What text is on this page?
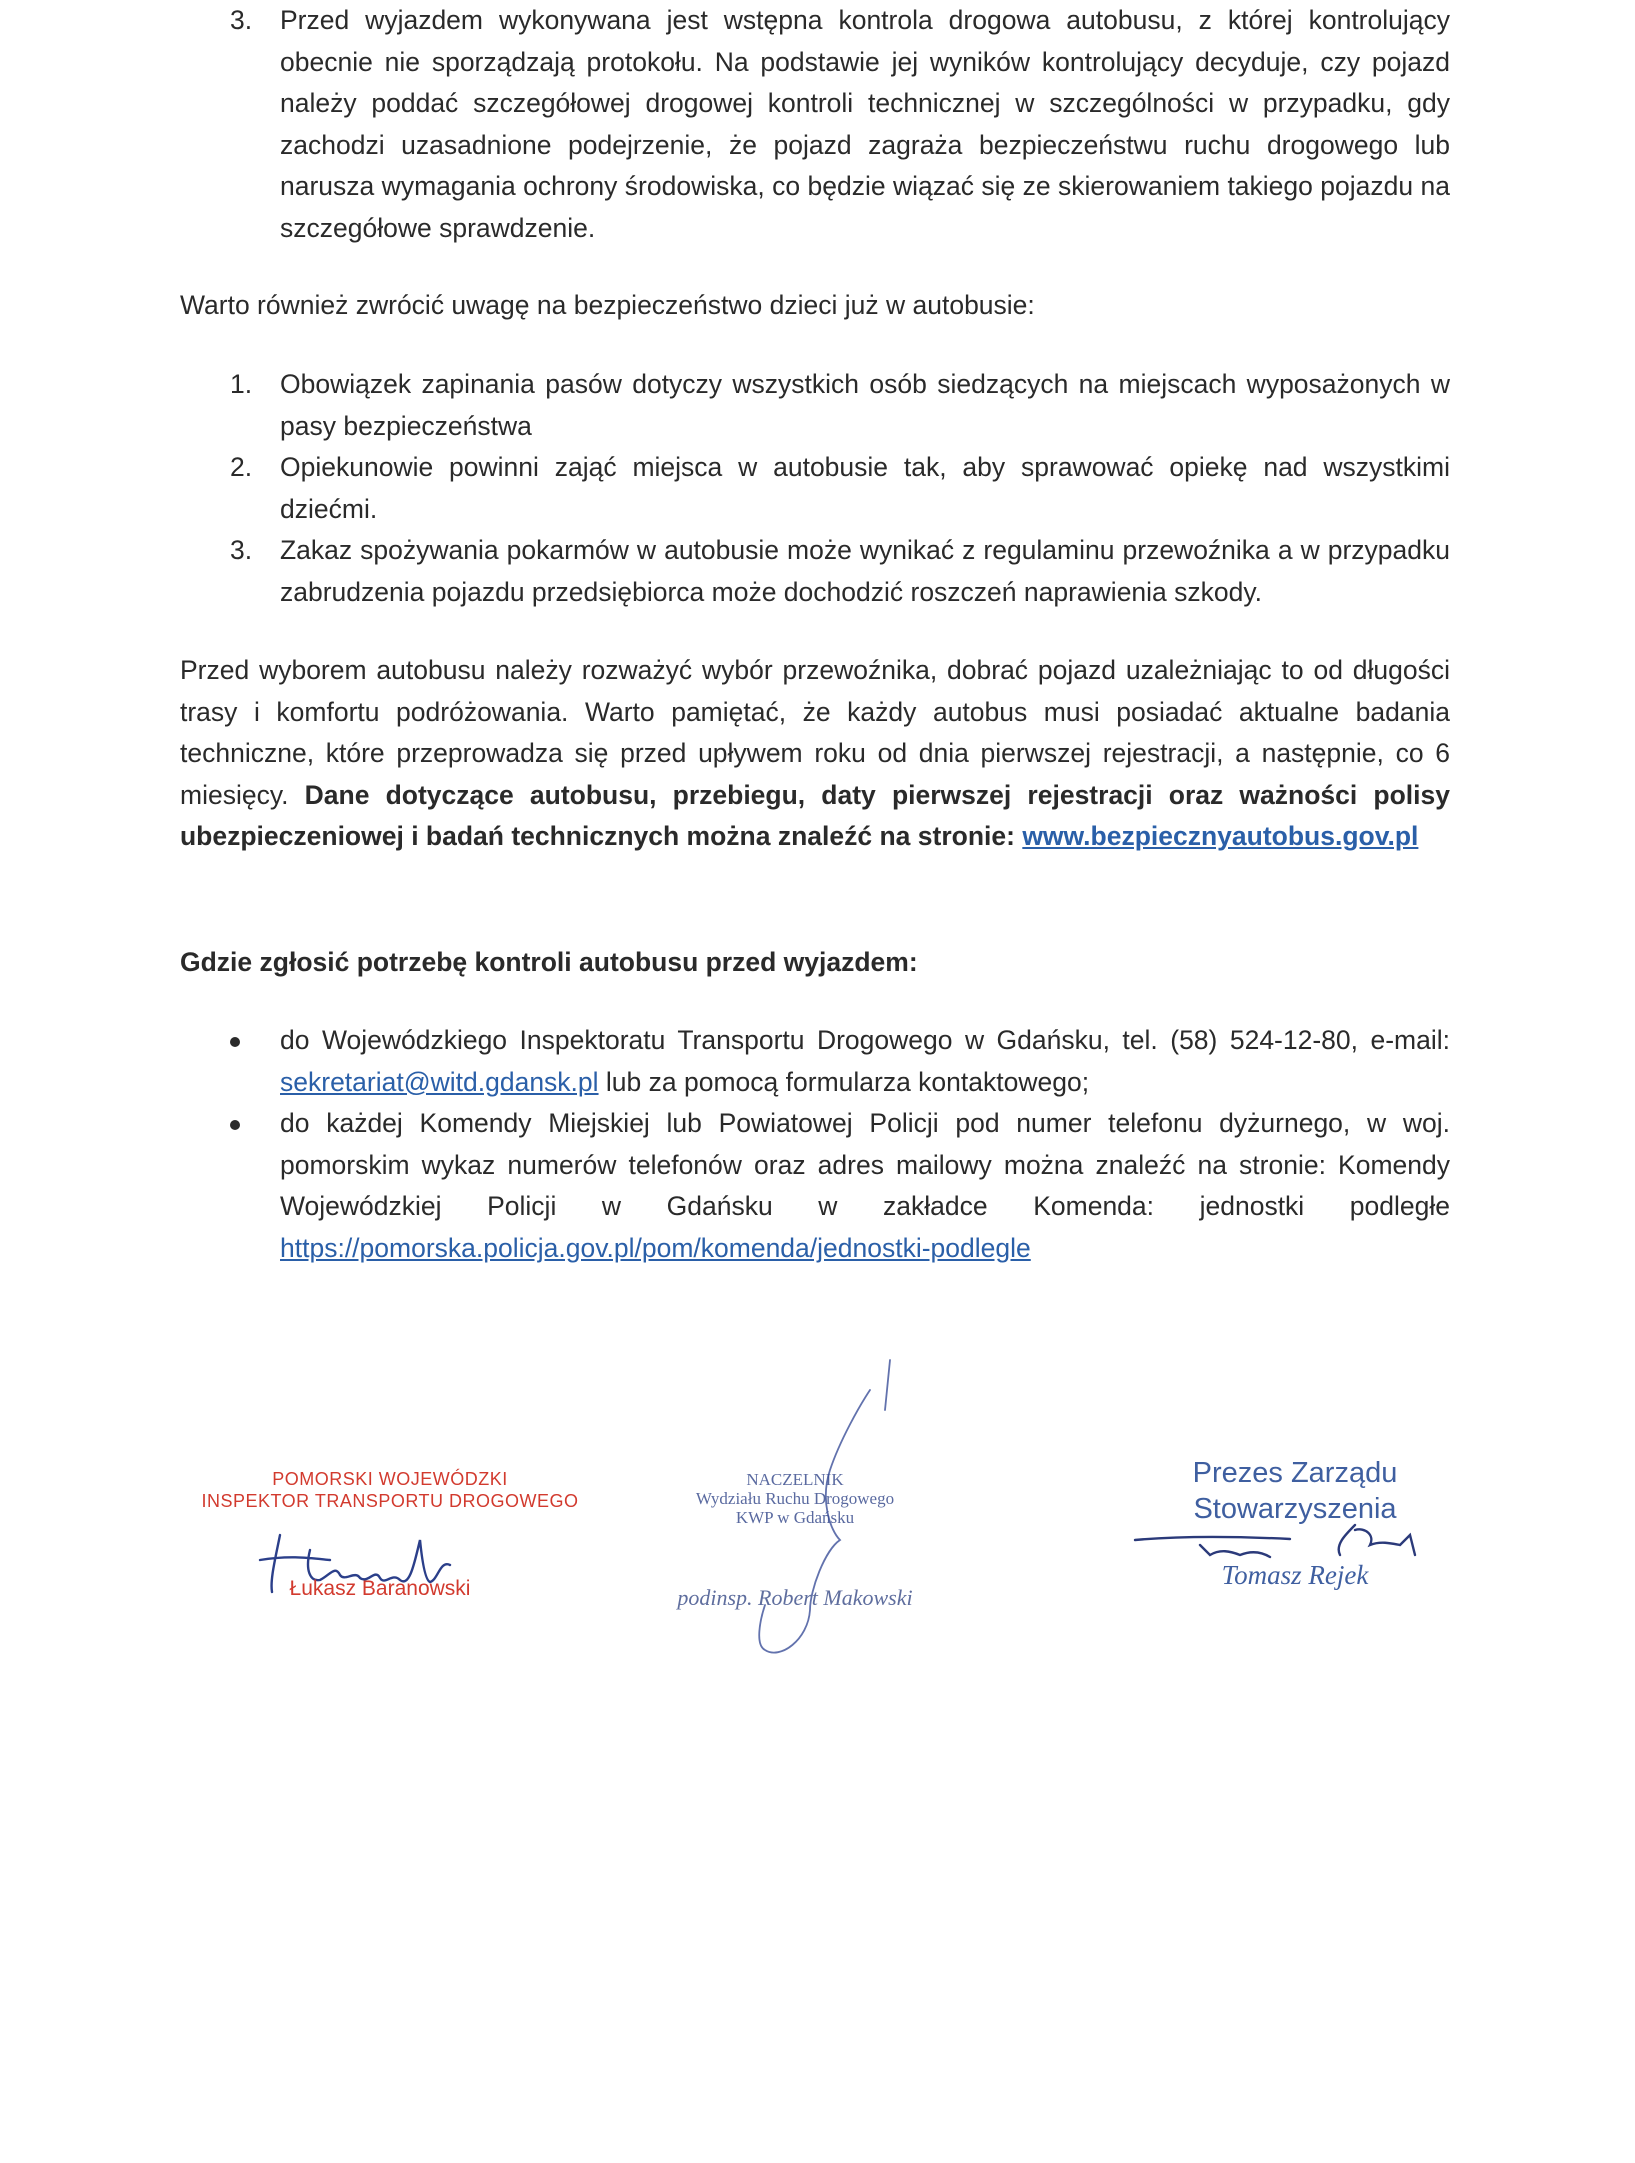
3.	Przed wyjazdem wykonywana jest wstępna kontrola drogowa autobusu, z której kontrolujący obecnie nie sporządzają protokołu. Na podstawie jej wyników kontrolujący decyduje, czy pojazd należy poddać szczegółowej drogowej kontroli technicznej w szczególności w przypadku, gdy zachodzi uzasadnione podejrzenie, że pojazd zagraża bezpieczeństwu ruchu drogowego lub narusza wymagania ochrony środowiska, co będzie wiązać się ze skierowaniem takiego pojazdu na szczegółowe sprawdzenie.
Warto również zwrócić uwagę na bezpieczeństwo dzieci już w autobusie:
1.	Obowiązek zapinania pasów dotyczy wszystkich osób siedzących na miejscach wyposażonych w pasy bezpieczeństwa
2.	Opiekunowie powinni zająć miejsca w autobusie tak, aby sprawować opiekę nad wszystkimi dziećmi.
3.	Zakaz spożywania pokarmów w autobusie może wynikać z regulaminu przewoźnika a w przypadku zabrudzenia pojazdu przedsiębiorca może dochodzić roszczeń naprawienia szkody.
Przed wyborem autobusu należy rozważyć wybór przewoźnika, dobrać pojazd uzależniając to od długości trasy i komfortu podróżowania. Warto pamiętać, że każdy autobus musi posiadać aktualne badania techniczne, które przeprowadza się przed upływem roku od dnia pierwszej rejestracji, a następnie, co 6 miesięcy. Dane dotyczące autobusu, przebiegu, daty pierwszej rejestracji oraz ważności polisy ubezpieczeniowej i badań technicznych można znaleźć na stronie: www.bezpiecznyautobus.gov.pl
Gdzie zgłosić potrzebę kontroli autobusu przed wyjazdem:
do Wojewódzkiego Inspektoratu Transportu Drogowego w Gdańsku, tel. (58) 524-12-80, e-mail: sekretariat@witd.gdansk.pl lub za pomocą formularza kontaktowego;
do każdej Komendy Miejskiej lub Powiatowej Policji pod numer telefonu dyżurnego, w woj. pomorskim wykaz numerów telefonów oraz adres mailowy można znaleźć na stronie: Komendy Wojewódzkiej Policji w Gdańsku w zakładce Komenda: jednostki podległe https://pomorska.policja.gov.pl/pom/komenda/jednostki-podlegle
POMORSKI WOJEWÓDZKI
INSPEKTOR TRANSPORTU DROGOWEGO
Łukasz Baranowski
NACZELNIK
Wydziału Ruchu Drogowego
KWP w Gdańsku
podinsp. Robert Makowski
Prezes Zarządu
Stowarzyszenia
Tomasz Rejek
